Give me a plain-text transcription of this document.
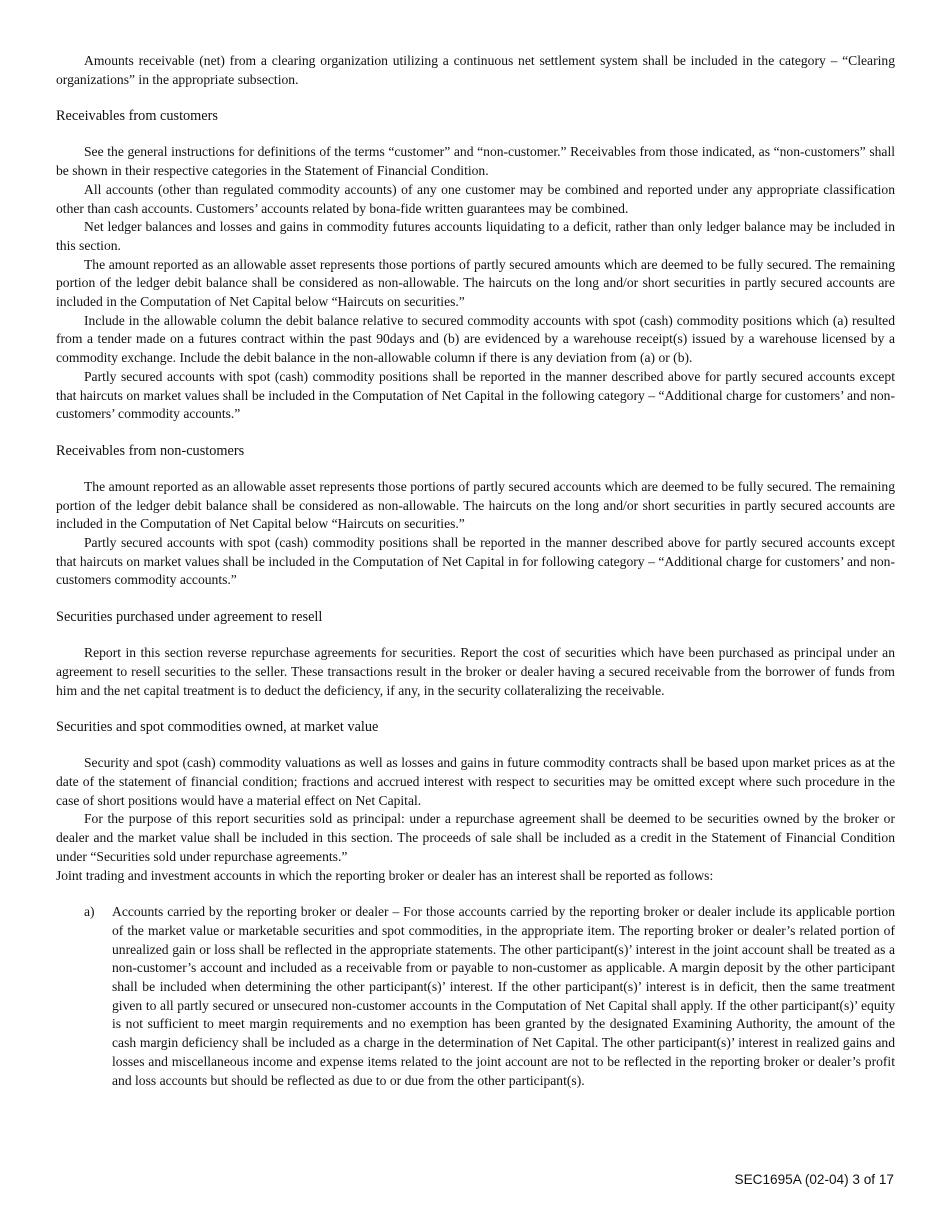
Amounts receivable (net) from a clearing organization utilizing a continuous net settlement system shall be included in the category – “Clearing organizations” in the appropriate subsection.

Receivables from customers

See the general instructions for definitions of the terms “customer” and “non-customer.” Receivables from those indicated, as “non-customers” shall be shown in their respective categories in the Statement of Financial Condition.

All accounts (other than regulated commodity accounts) of any one customer may be combined and reported under any appropriate classification other than cash accounts. Customers’ accounts related by bona-fide written guarantees may be combined.

Net ledger balances and losses and gains in commodity futures accounts liquidating to a deficit, rather than only ledger balance may be included in this section.

The amount reported as an allowable asset represents those portions of partly secured amounts which are deemed to be fully secured. The remaining portion of the ledger debit balance shall be considered as non-allowable. The haircuts on the long and/or short securities in partly secured accounts are included in the Computation of Net Capital below “Haircuts on securities.”

Include in the allowable column the debit balance relative to secured commodity accounts with spot (cash) commodity positions which (a) resulted from a tender made on a futures contract within the past 90days and (b) are evidenced by a warehouse receipt(s) issued by a warehouse licensed by a commodity exchange. Include the debit balance in the non-allowable column if there is any deviation from (a) or (b).

Partly secured accounts with spot (cash) commodity positions shall be reported in the manner described above for partly secured accounts except that haircuts on market values shall be included in the Computation of Net Capital in the following category – “Additional charge for customers’ and non-customers’ commodity accounts.”

Receivables from non-customers

The amount reported as an allowable asset represents those portions of partly secured accounts which are deemed to be fully secured. The remaining portion of the ledger debit balance shall be considered as non-allowable. The haircuts on the long and/or short securities in partly secured accounts are included in the Computation of Net Capital below “Haircuts on securities.”

Partly secured accounts with spot (cash) commodity positions shall be reported in the manner described above for partly secured accounts except that haircuts on market values shall be included in the Computation of Net Capital in for following category – “Additional charge for customers’ and non-customers commodity accounts.”

Securities purchased under agreement to resell

Report in this section reverse repurchase agreements for securities. Report the cost of securities which have been purchased as principal under an agreement to resell securities to the seller. These transactions result in the broker or dealer having a secured receivable from the borrower of funds from him and the net capital treatment is to deduct the deficiency, if any, in the security collateralizing the receivable.

Securities and spot commodities owned, at market value

Security and spot (cash) commodity valuations as well as losses and gains in future commodity contracts shall be based upon market prices as at the date of the statement of financial condition; fractions and accrued interest with respect to securities may be omitted except where such procedure in the case of short positions would have a material effect on Net Capital.

For the purpose of this report securities sold as principal: under a repurchase agreement shall be deemed to be securities owned by the broker or dealer and the market value shall be included in this section. The proceeds of sale shall be included as a credit in the Statement of Financial Condition under “Securities sold under repurchase agreements.”

Joint trading and investment accounts in which the reporting broker or dealer has an interest shall be reported as follows:

a)	Accounts carried by the reporting broker or dealer – For those accounts carried by the reporting broker or dealer include its applicable portion of the market value or marketable securities and spot commodities, in the appropriate item. The reporting broker or dealer’s related portion of unrealized gain or loss shall be reflected in the appropriate statements. The other participant(s)’ interest in the joint account shall be treated as a non-customer’s account and included as a receivable from or payable to non-customer as applicable. A margin deposit by the other participant shall be included when determining the other participant(s)’ interest. If the other participant(s)’ interest is in deficit, then the same treatment given to all partly secured or unsecured non-customer accounts in the Computation of Net Capital shall apply. If the other participant(s)’ equity is not sufficient to meet margin requirements and no exemption has been granted by the designated Examining Authority, the amount of the cash margin deficiency shall be included as a charge in the determination of Net Capital. The other participant(s)’ interest in realized gains and losses and miscellaneous income and expense items related to the joint account are not to be reflected in the reporting broker or dealer’s profit and loss accounts but should be reflected as due to or due from the other participant(s).
SEC1695A (02-04) 3 of 17
